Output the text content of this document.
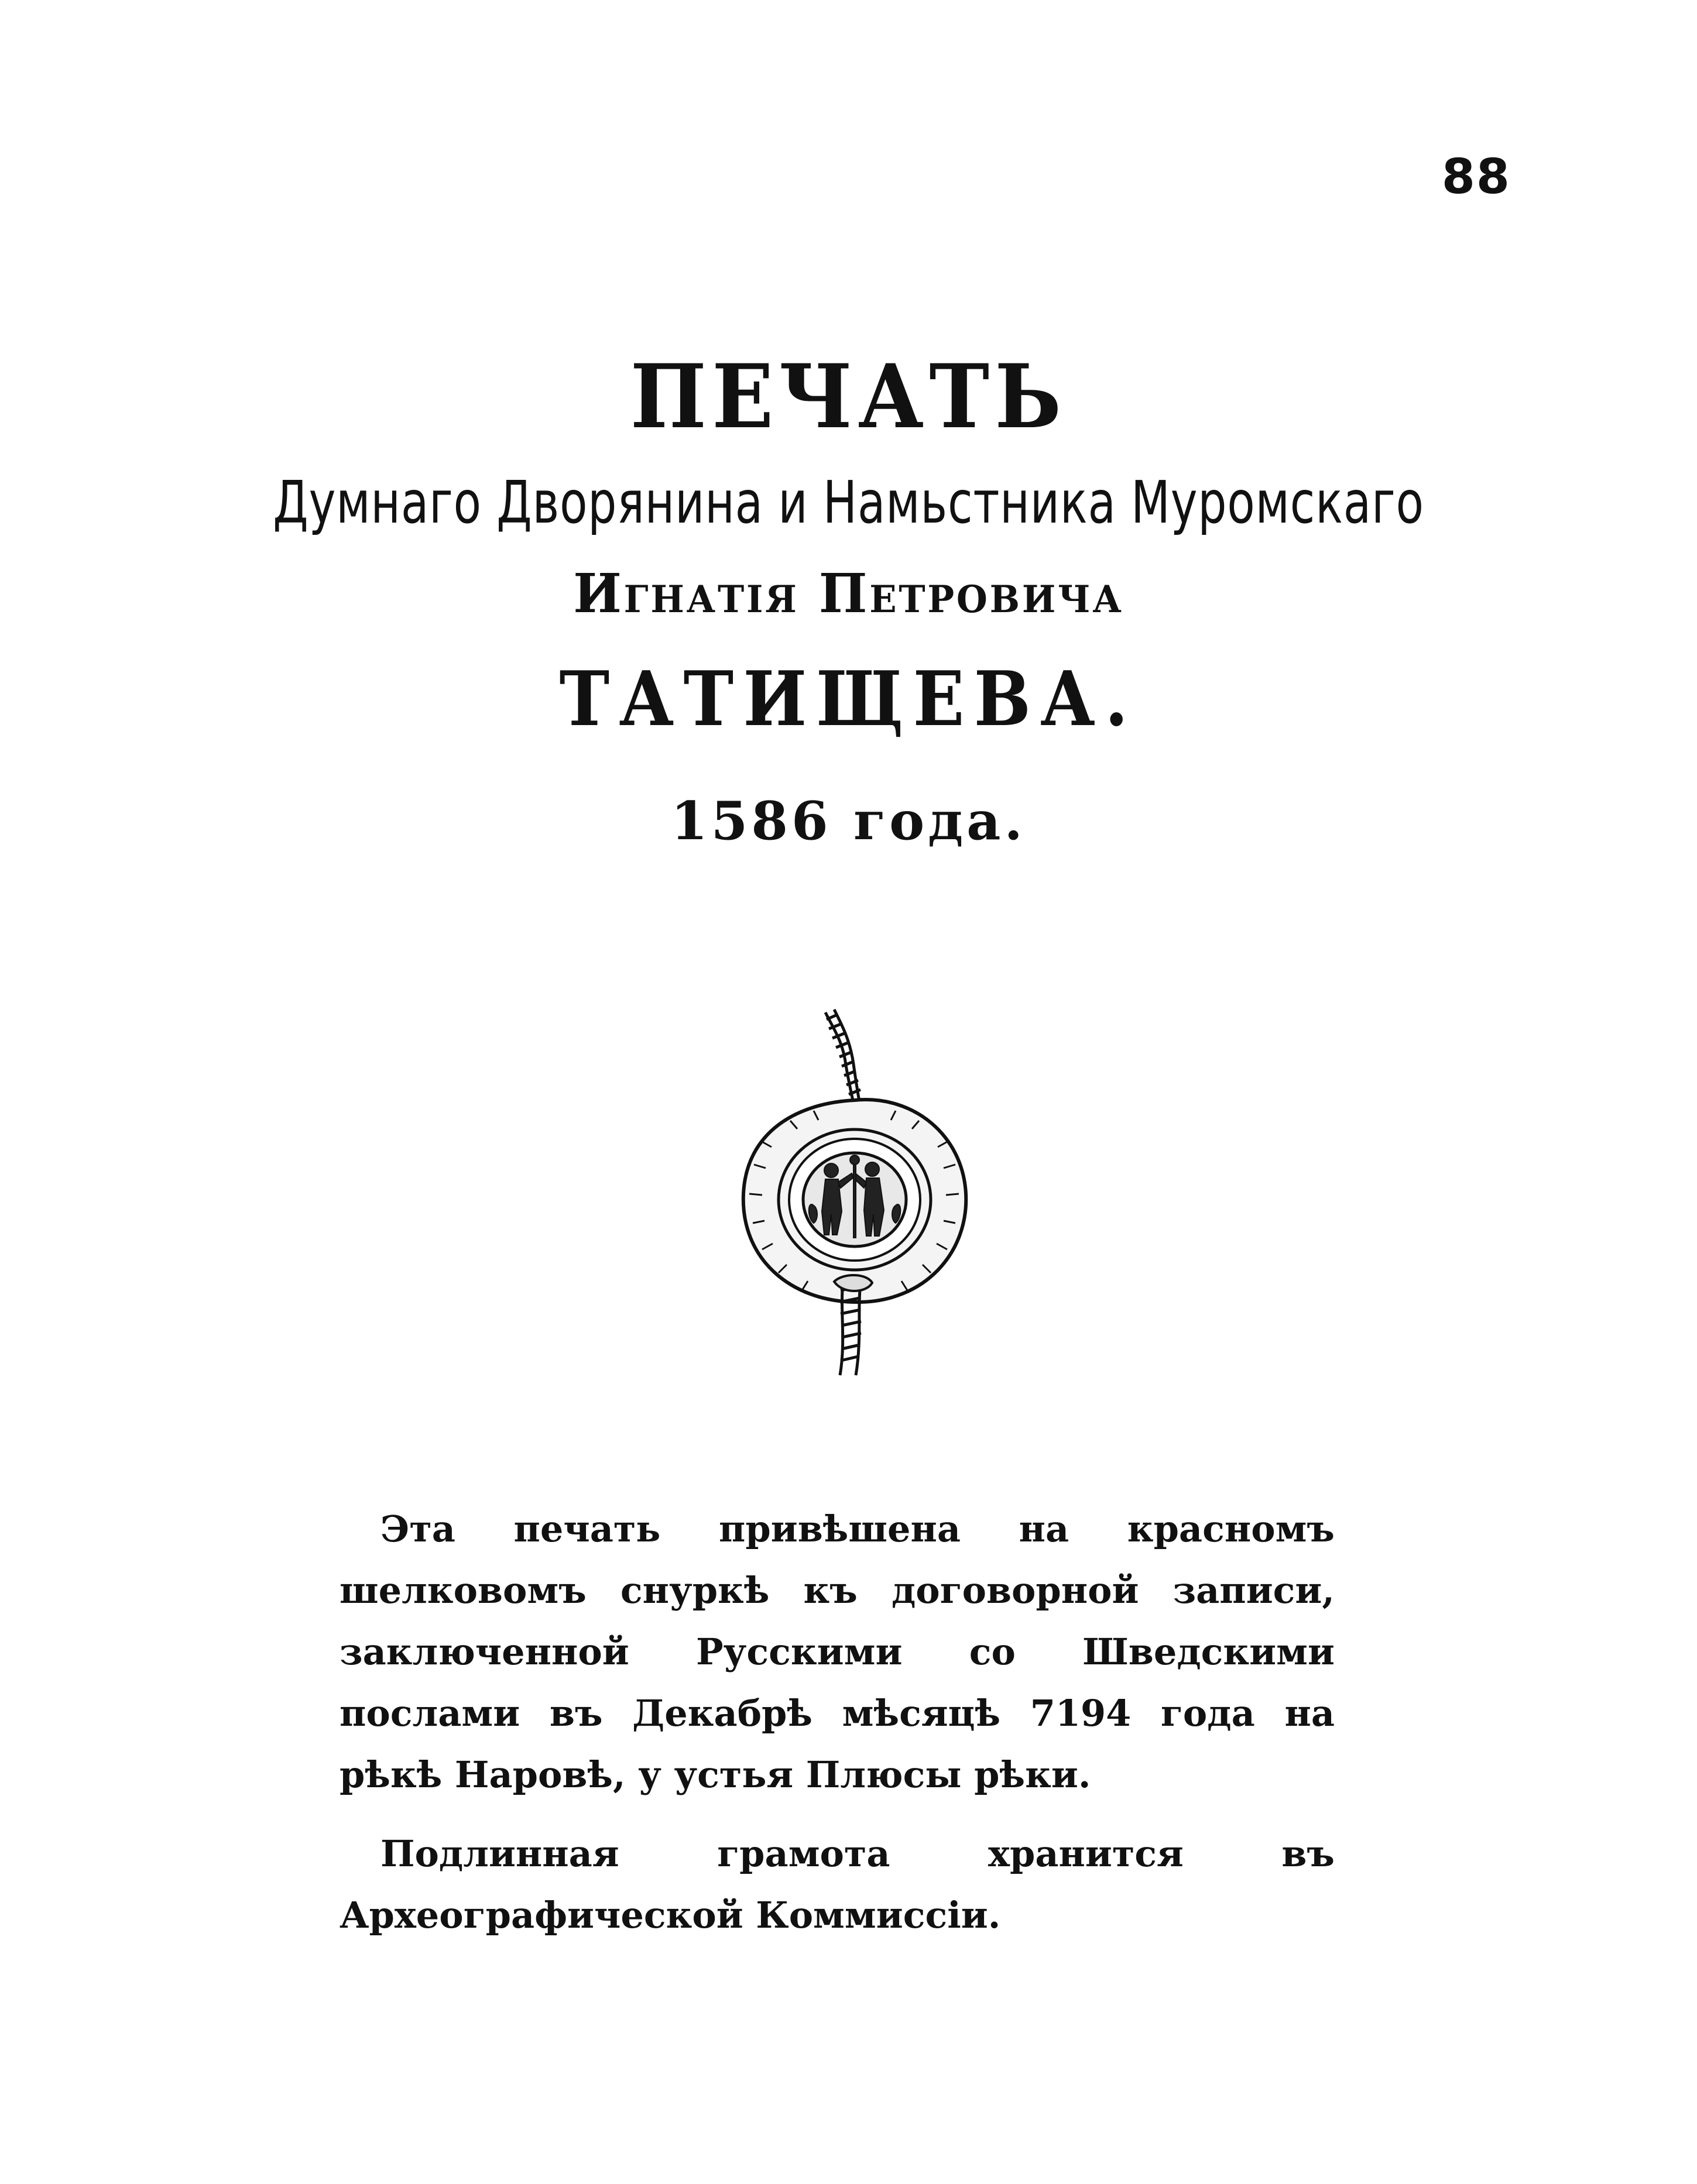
88
ПЕЧАТЬ
Думнаго Дворянина и Намьстника Муромскаго
Игнатія Петровича
ТАТИЩЕВА.
1586 года.

Эта печать привѣшена на красномъ шелковомъ снуркѣ къ договорной записи, заключенной Русскими со Шведскими послами въ Декабрѣ мѣсяцѣ 7194 года на рѣкѣ Наровѣ, у устья Плюсы рѣки.

Подлинная грамота хранится въ Археографической Коммиссіи.
